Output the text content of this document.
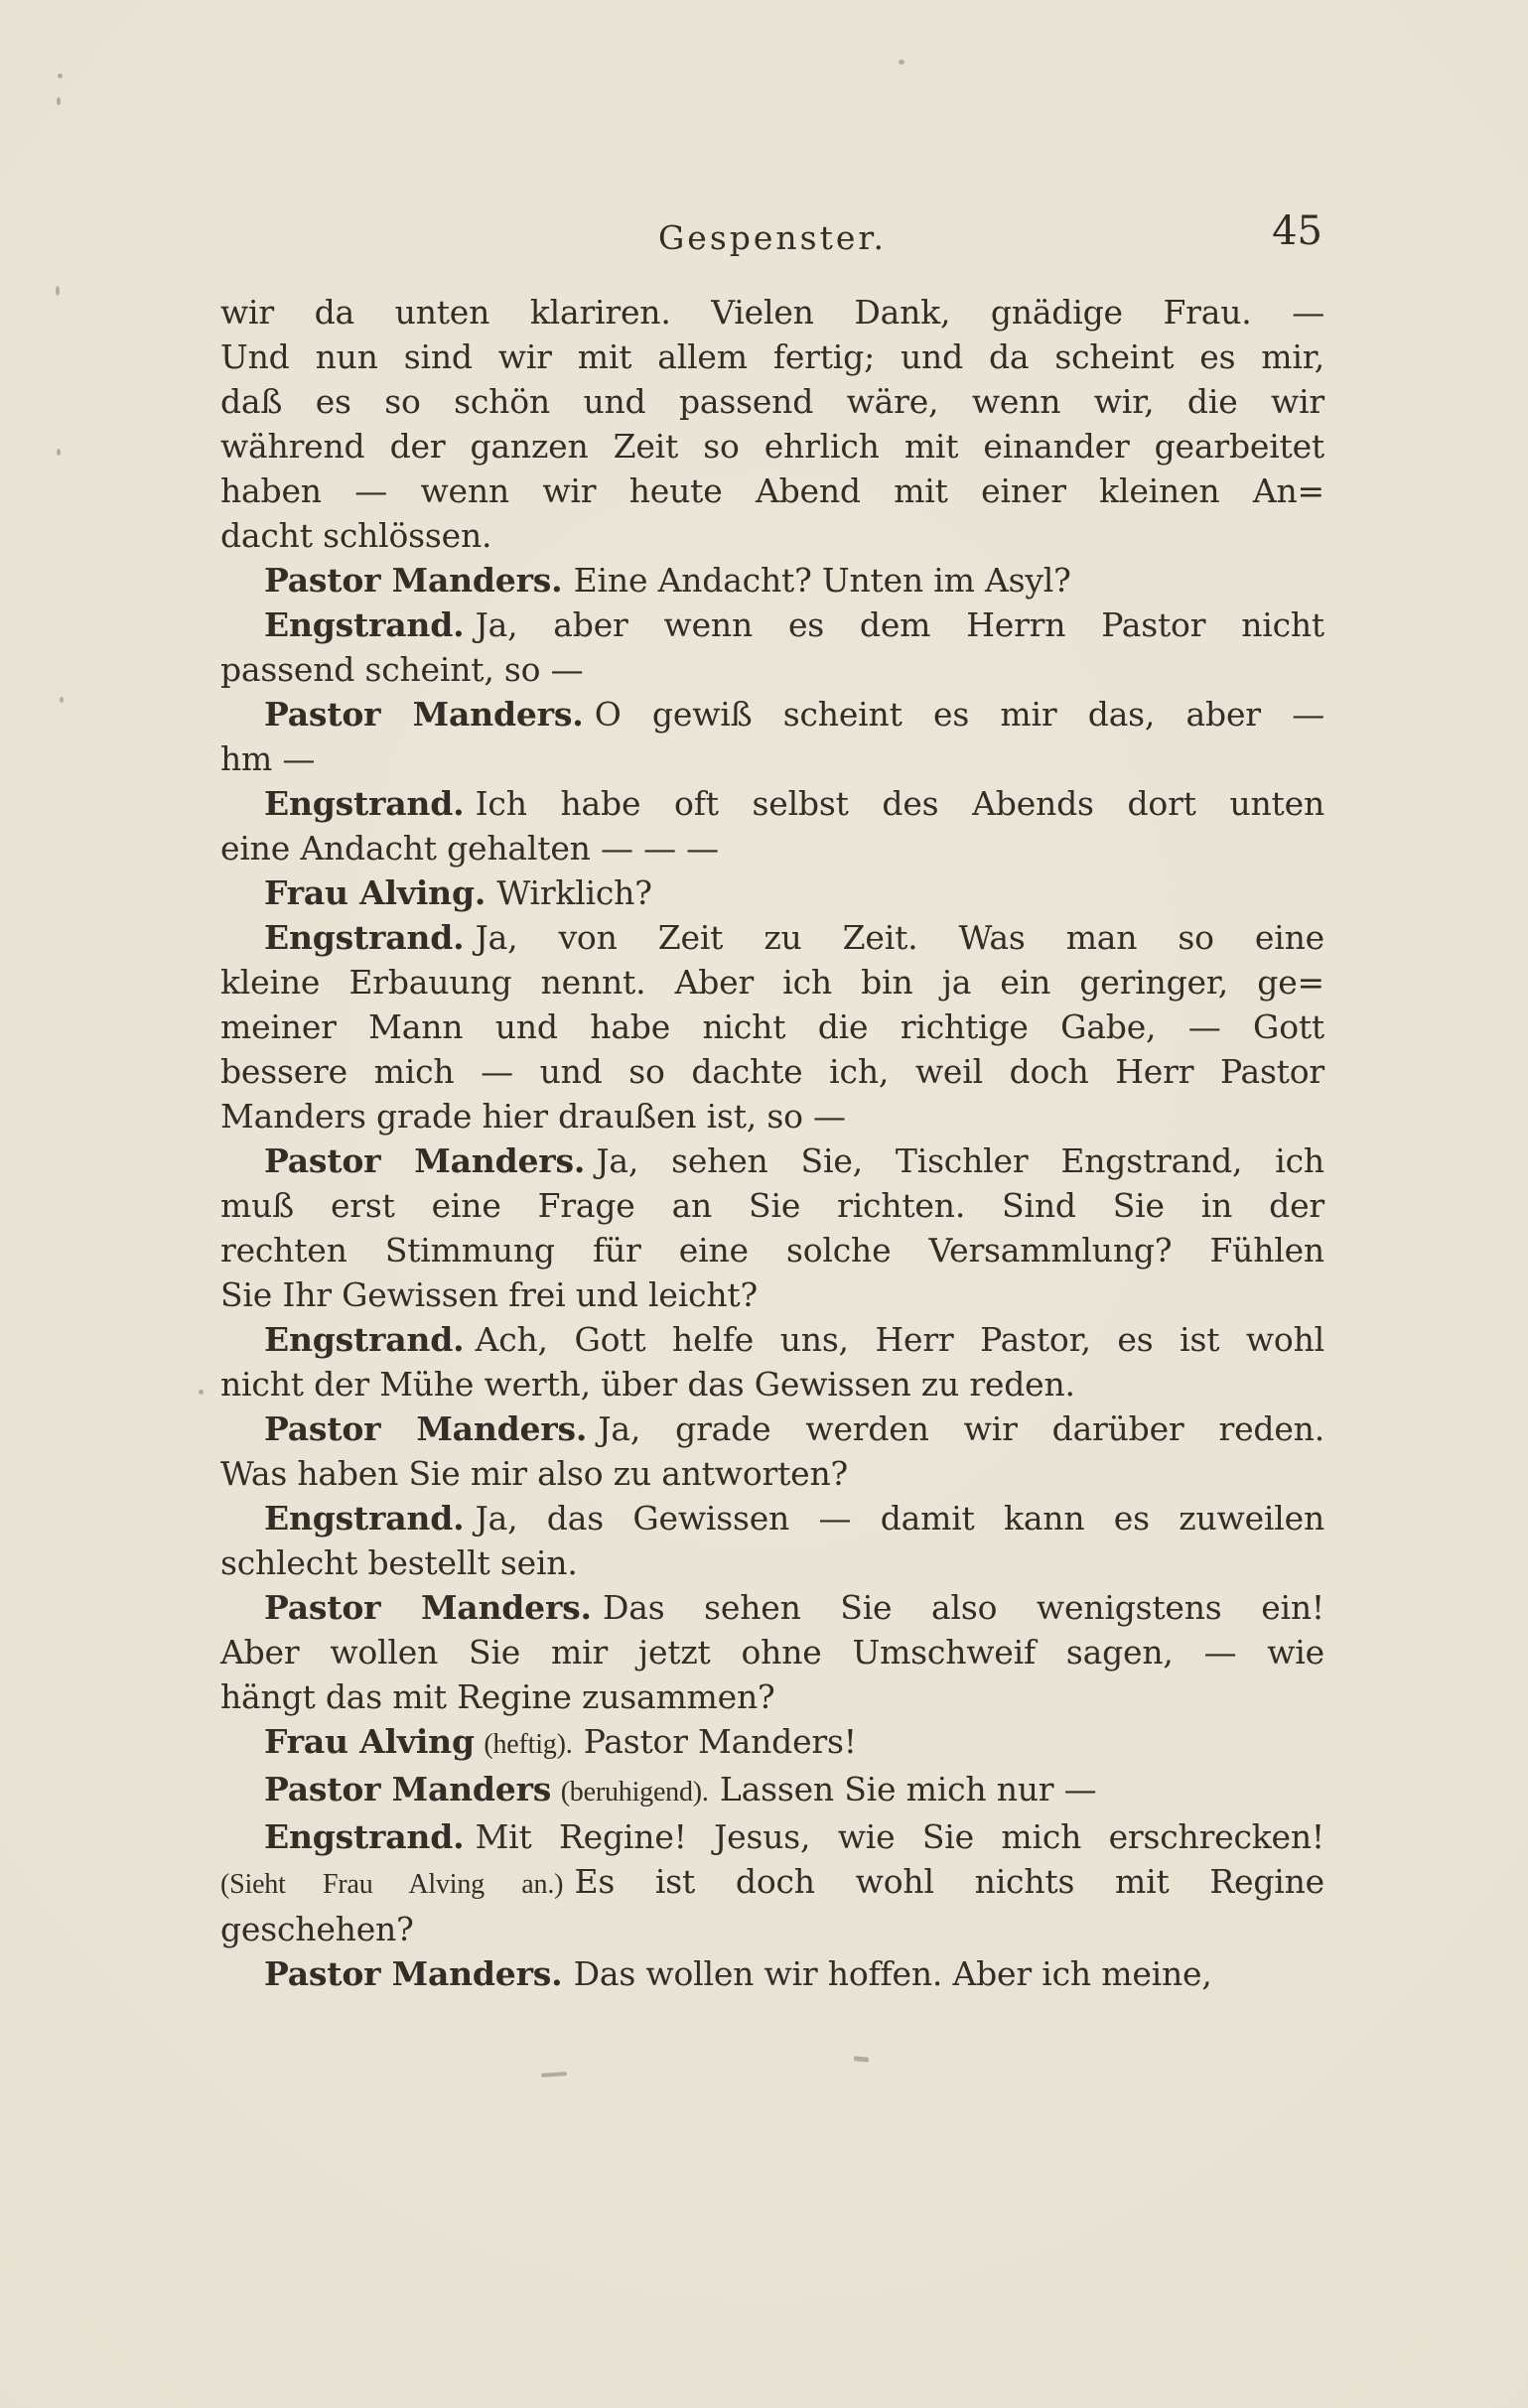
Gespenster.	45
wir da unten klariren. Vielen Dank, gnädige Frau. —
Und nun sind wir mit allem fertig; und da scheint es mir,
daß es so schön und passend wäre, wenn wir, die wir
während der ganzen Zeit so ehrlich mit einander gearbeitet
haben — wenn wir heute Abend mit einer kleinen An=
dacht schlössen.
Pastor Manders. Eine Andacht? Unten im Asyl?
Engstrand. Ja, aber wenn es dem Herrn Pastor nicht
passend scheint, so —
Pastor Manders. O gewiß scheint es mir das, aber —
hm —
Engstrand. Ich habe oft selbst des Abends dort unten
eine Andacht gehalten — — —
Frau Alving. Wirklich?
Engstrand. Ja, von Zeit zu Zeit. Was man so eine
kleine Erbauung nennt. Aber ich bin ja ein geringer, ge=
meiner Mann und habe nicht die richtige Gabe, — Gott
bessere mich — und so dachte ich, weil doch Herr Pastor
Manders grade hier draußen ist, so —
Pastor Manders. Ja, sehen Sie, Tischler Engstrand, ich
muß erst eine Frage an Sie richten. Sind Sie in der
rechten Stimmung für eine solche Versammlung? Fühlen
Sie Ihr Gewissen frei und leicht?
Engstrand. Ach, Gott helfe uns, Herr Pastor, es ist wohl
nicht der Mühe werth, über das Gewissen zu reden.
Pastor Manders. Ja, grade werden wir darüber reden.
Was haben Sie mir also zu antworten?
Engstrand. Ja, das Gewissen — damit kann es zuweilen
schlecht bestellt sein.
Pastor Manders. Das sehen Sie also wenigstens ein!
Aber wollen Sie mir jetzt ohne Umschweif sagen, — wie
hängt das mit Regine zusammen?
Frau Alving (heftig). Pastor Manders!
Pastor Manders (beruhigend). Lassen Sie mich nur —
Engstrand. Mit Regine! Jesus, wie Sie mich erschrecken!
(Sieht Frau Alving an.) Es ist doch wohl nichts mit Regine
geschehen?
Pastor Manders. Das wollen wir hoffen. Aber ich meine,
